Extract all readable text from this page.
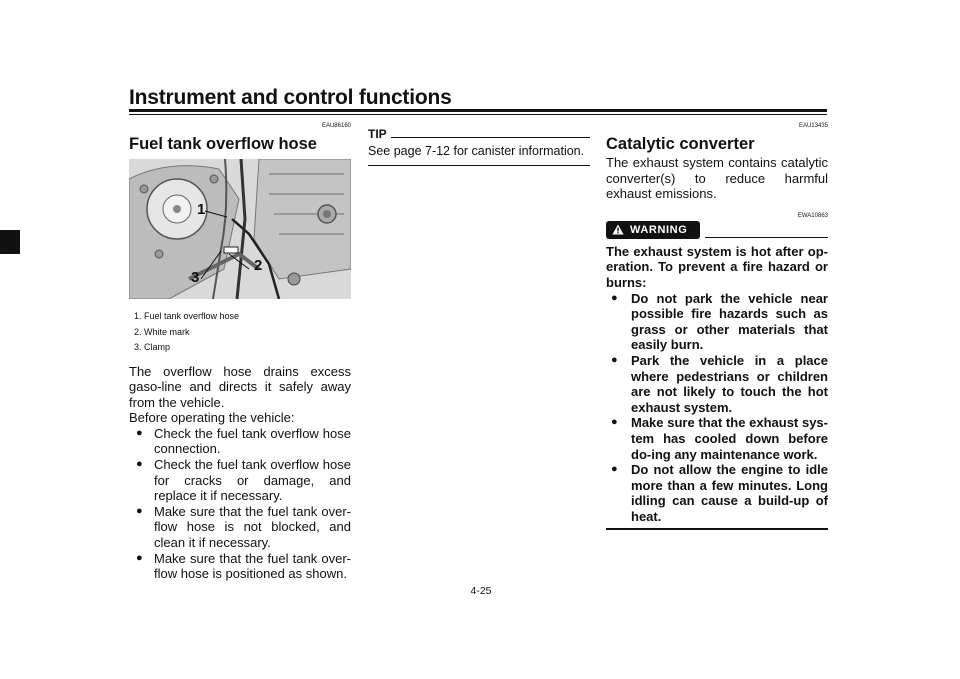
Instrument and control functions
4
EAU86160
Fuel tank overflow hose
1
2
3
1. Fuel tank overflow hose
2. White mark
3. Clamp

The overflow hose drains excess gaso-line and directs it safely away from the vehicle.

Before operating the vehicle:

● Check the fuel tank overflow hose connection.
● Check the fuel tank overflow hose for cracks or damage, and replace it if necessary.
● Make sure that the fuel tank over-flow hose is not blocked, and clean it if necessary.
● Make sure that the fuel tank over-flow hose is positioned as shown.
TIP

See page 7-12 for canister information.

EAU13435
Catalytic converter

The exhaust system contains catalytic converter(s) to reduce harmful exhaust emissions.

EWA10863
WARNING

The exhaust system is hot after op-eration. To prevent a fire hazard or burns:

● Do not park the vehicle near possible fire hazards such as grass or other materials that easily burn.
● Park the vehicle in a place where pedestrians or children are not likely to touch the hot exhaust system.
● Make sure that the exhaust sys-tem has cooled down before do-ing any maintenance work.
● Do not allow the engine to idle more than a few minutes. Long idling can cause a build-up of heat.
4-25
